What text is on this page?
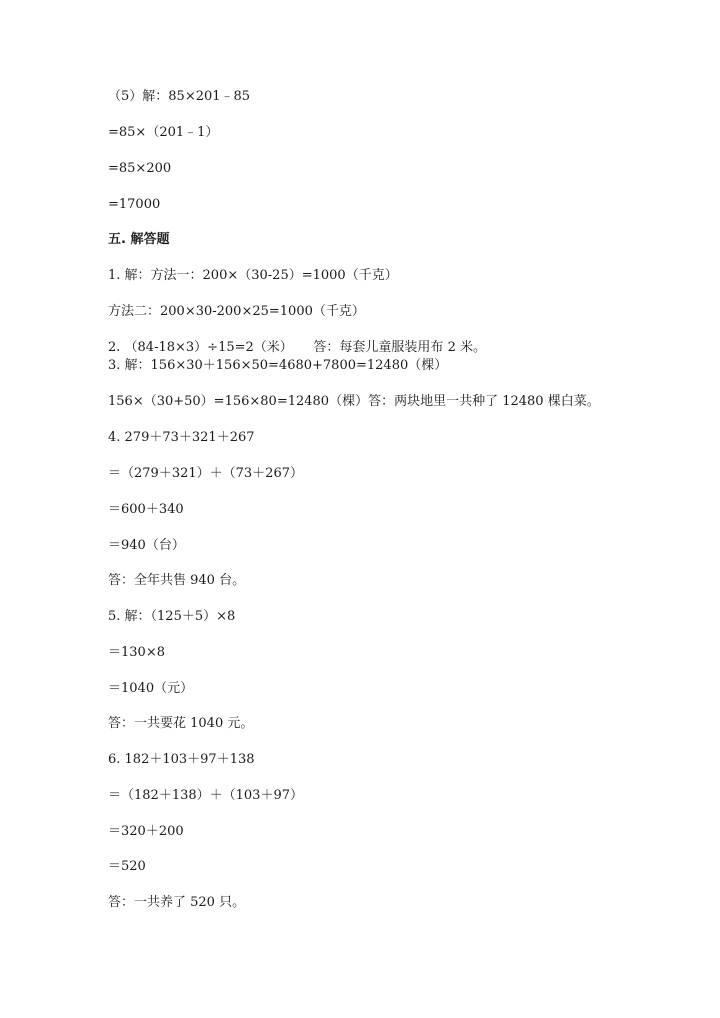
（5）解：85×201﹣85
=85×（201﹣1）
=85×200
=17000
五. 解答题
1. 解：方法一：200×（30-25）=1000（千克）
方法二：200×30-200×25=1000（千克）
2. （84-18×3）÷15=2（米）     答：每套儿童服装用布 2 米。
3. 解：156×30＋156×50=4680+7800=12480（棵）
156×（30+50）=156×80=12480（棵）答：两块地里一共种了 12480 棵白菜。
4. 279＋73＋321＋267
＝（279＋321）＋（73＋267）
＝600＋340
＝940（台）
答：全年共售 940 台。
5. 解：（125＋5）×8
＝130×8
＝1040（元）
答：一共要花 1040 元。
6. 182＋103＋97＋138
＝（182＋138）＋（103＋97）
＝320＋200
＝520
答：一共养了 520 只。
